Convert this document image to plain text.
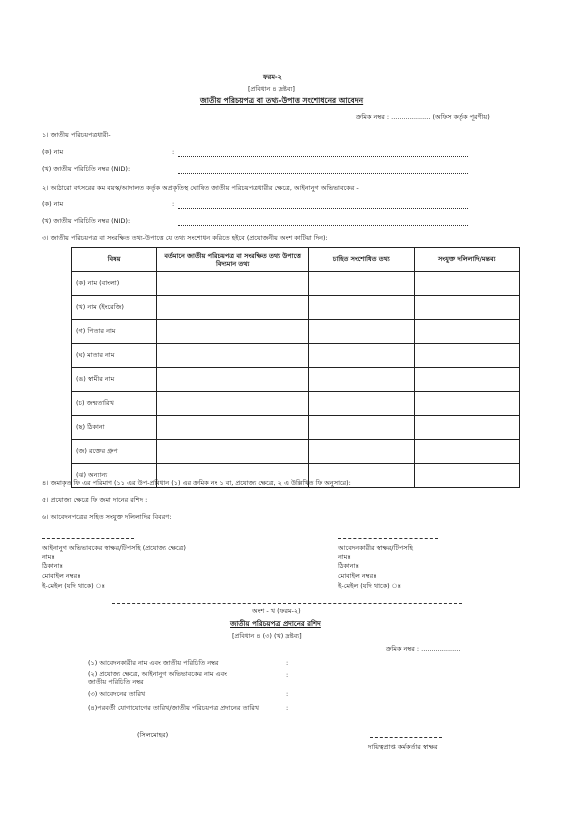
ফরম-২
[প্রবিধান ৪ দ্রষ্টব্য]
জাতীয় পরিচয়পত্র বা তথ্য-উপাত্ত সংশোধনের আবেদন
ক্রমিক নম্বর : ................... (অফিস কর্তৃক পূরণীয়)
১। জাতীয় পরিচয়পত্রধারী-
(ক) নাম	:
(খ) জাতীয় পরিচিতি নম্বর (NID):
২। আঠারো বৎসরের কম বয়স্ক/আদালত কর্তৃক অপ্রকৃতিস্থ ঘোষিত জাতীয় পরিচয়পত্রধারীর ক্ষেত্রে, আইনানুগ অভিভাবকের -
(ক) নাম	:
(খ) জাতীয় পরিচিতি নম্বর (NID):
৩। জাতীয় পরিচয়পত্র বা সংরক্ষিত তথ্য-উপাত্তে যে তথ্য সংশোধন করিতে হইবে (প্রযোজনীয় অংশ কাটিয়া দিন):
বিষয়	বর্তমানে জাতীয় পরিচয়পত্র বা সংরক্ষিত তথ্য উপাত্তে বিদ্যমান তথ্য	চাহিত সংশোধিত তথ্য	সংযুক্ত দলিলাদি/মন্তব্য
(ক) নাম (বাংলা)			
(খ) নাম (ইংরেজি)			
(গ) পিতার নাম			
(ঘ) মাতার নাম			
(ঙ) স্বামীর নাম			
(চ) জন্মতারিখ			
(ছ) ঠিকানা			
(জ) রক্তের গ্রুপ			
(ঝ) অন্যান্য			
৪। জমাকৃত ফি এর পরিমাণ (১১ এর উপ-প্রবিধান (১) এর ক্রমিক নং ১ বা, প্রযোজ্য ক্ষেত্রে, ২ এ উল্লিখিত ফি অনুসারে):
৫। প্রযোজ্য ক্ষেত্রে ফি জমা দানের রশিদ :
৬। আবেদনপত্রের সহিত সংযুক্ত দলিলাদির বিবরণ:
আইনানুগ অভিভাবকের স্বাক্ষর/টিপসহি (প্রযোজ্য ক্ষেত্রে)
নামঃ
ঠিকানাঃ
মোবাইল নম্বরঃ
ই-মেইল (যদি থাকে) ঃ
আবেদনকারীর স্বাক্ষর/টিপসহি
নামঃ
ঠিকানাঃ
মোবাইল নম্বরঃ
ই-মেইল (যদি থাকে) ঃ
অংশ - খ (ফরম-২)
জাতীয় পরিচয়পত্র প্রদানের রশিদ
[প্রবিধান ৪ (৩) (খ) দ্রষ্টব্য]
ক্রমিক নম্বর : ...................
(১) আবেদনকারীর নাম এবং জাতীয় পরিচিতি নম্বর	:
(২) প্রযোজ্য ক্ষেত্রে, আইনানুগ অভিভাবকের নাম এবং জাতীয় পরিচিতি নম্বর
:
(৩) আবেদনের তারিখ	:
(৪)পরবর্তী যোগাযোগের তারিখ/জাতীয় পরিচয়পত্র প্রদানের তারিখ	:
(সিলমোহর)
দায়িত্বপ্রাপ্ত কর্মকর্তার স্বাক্ষর
